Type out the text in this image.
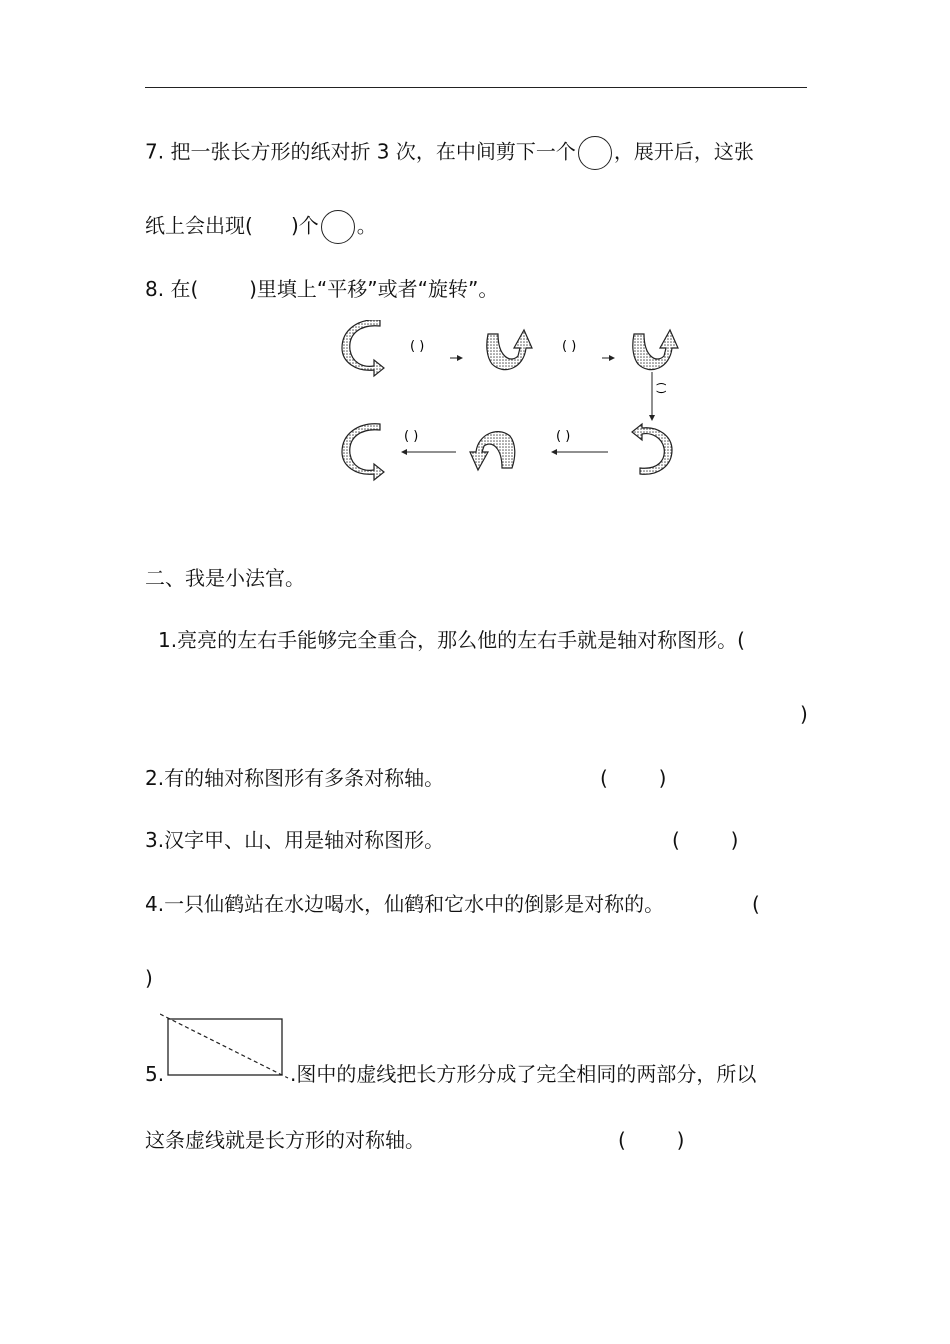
7. 把一张长方形的纸对折 3 次，在中间剪下一个 ，展开后，这张
纸上会出现( )个 。
8. 在(        )里填上“平移”或者“旋转”。
( )	( )
( )
( )
( )
二、我是小法官。
1.亮亮的左右手能够完全重合，那么他的左右手就是轴对称图形。(
)
2.有的轴对称图形有多条对称轴。	(        )
3.汉字甲、山、用是轴对称图形。	(        )
4.一只仙鹤站在水边喝水，仙鹤和它水中的倒影是对称的。	(
)
5.	.图中的虚线把长方形分成了完全相同的两部分，所以
这条虚线就是长方形的对称轴。	(        )
